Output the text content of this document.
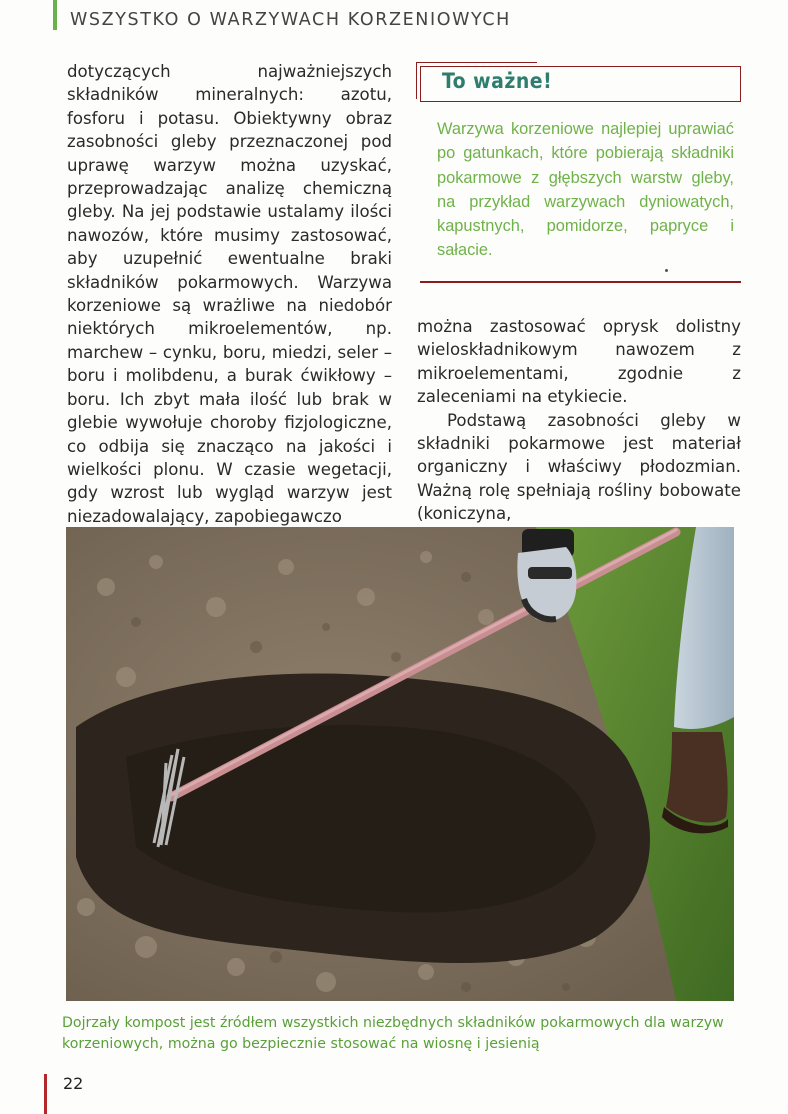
WSZYSTKO O WARZYWACH KORZENIOWYCH

dotyczących najważniejszych składników mineralnych: azotu, fosforu i potasu. Obiektywny obraz zasobności gleby przeznaczonej pod uprawę warzyw można uzyskać, przeprowadzając analizę chemiczną gleby. Na jej podstawie ustalamy ilości nawozów, które musimy zastosować, aby uzupełnić ewentualne braki składników pokarmowych. Warzywa korzeniowe są wrażliwe na niedobór niektórych mikroelementów, np. marchew – cynku, boru, miedzi, seler – boru i molibdenu, a burak ćwikłowy – boru. Ich zbyt mała ilość lub brak w glebie wywołuje choroby fizjologiczne, co odbija się znacząco na jakości i wielkości plonu. W czasie wegetacji, gdy wzrost lub wygląd warzyw jest niezadowalający, zapobiegawczo

To ważne!
Warzywa korzeniowe najlepiej uprawiać po gatunkach, które pobierają składniki pokarmowe z głębszych warstw gleby, na przykład warzywach dyniowatych, kapustnych, pomidorze, papryce i sałacie.

można zastosować oprysk dolistny wieloskładnikowym nawozem z mikroelementami, zgodnie z zaleceniami na etykiecie.

Podstawą zasobności gleby w składniki pokarmowe jest materiał organiczny i właściwy płodozmian. Ważną rolę spełniają rośliny bobowate (koniczyna,

Dojrzały kompost jest źródłem wszystkich niezbędnych składników pokarmowych dla warzyw korzeniowych, można go bezpiecznie stosować na wiosnę i jesienią
22
